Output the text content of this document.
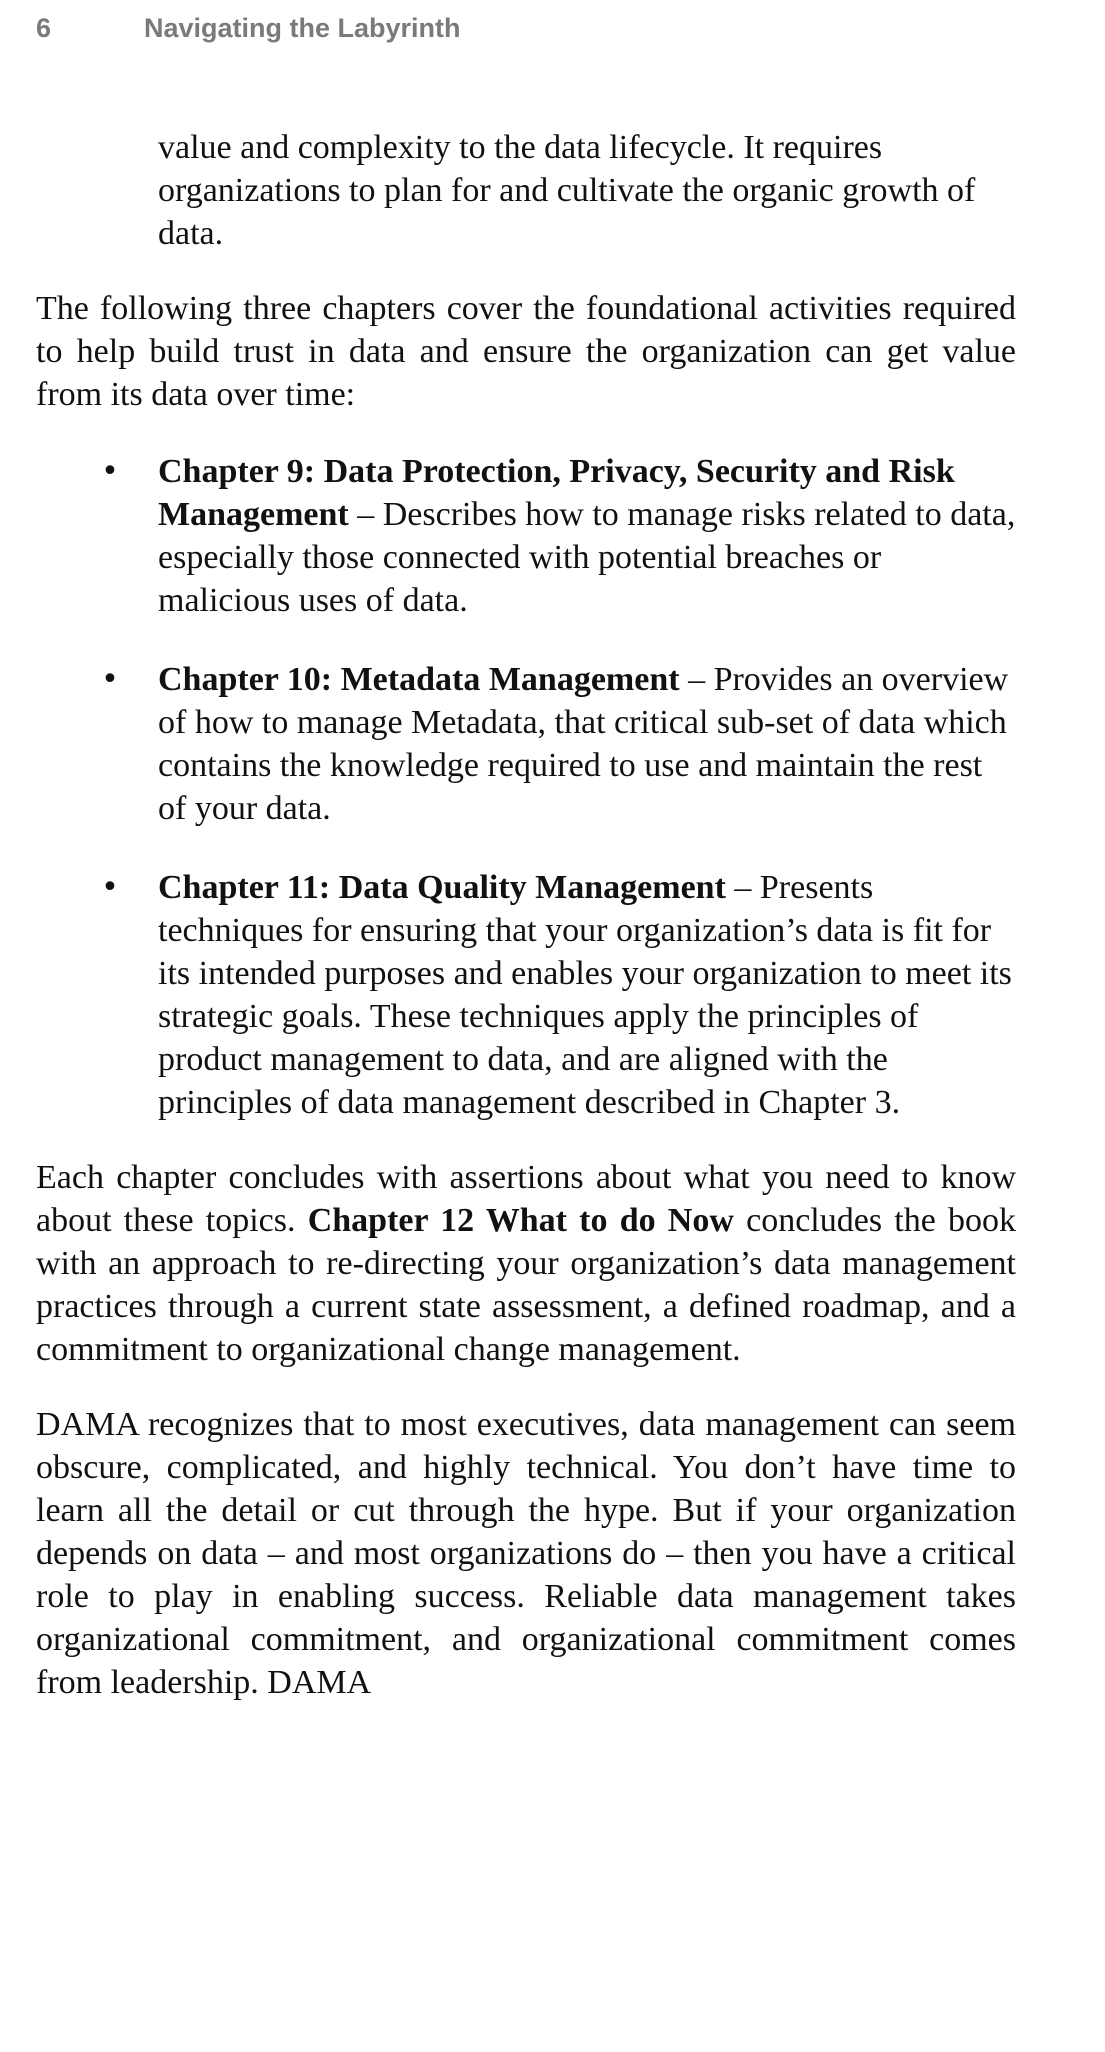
6	Navigating the Labyrinth

value and complexity to the data lifecycle. It requires organizations to plan for and cultivate the organic growth of data.

The following three chapters cover the foundational activities required to help build trust in data and ensure the organization can get value from its data over time:

• Chapter 9: Data Protection, Privacy, Security and Risk Management – Describes how to manage risks related to data, especially those connected with potential breaches or malicious uses of data.
• Chapter 10: Metadata Management – Provides an overview of how to manage Metadata, that critical sub-set of data which contains the knowledge required to use and maintain the rest of your data.
• Chapter 11: Data Quality Management – Presents techniques for ensuring that your organization’s data is fit for its intended purposes and enables your organization to meet its strategic goals. These techniques apply the principles of product management to data, and are aligned with the principles of data management described in Chapter 3.

Each chapter concludes with assertions about what you need to know about these topics. Chapter 12 What to do Now concludes the book with an approach to re-directing your organization’s data management practices through a current state assessment, a defined roadmap, and a commitment to organizational change management.

DAMA recognizes that to most executives, data management can seem obscure, complicated, and highly technical. You don’t have time to learn all the detail or cut through the hype. But if your organization depends on data – and most organizations do – then you have a critical role to play in enabling success. Reliable data management takes organizational commitment, and organizational commitment comes from leadership. DAMA
